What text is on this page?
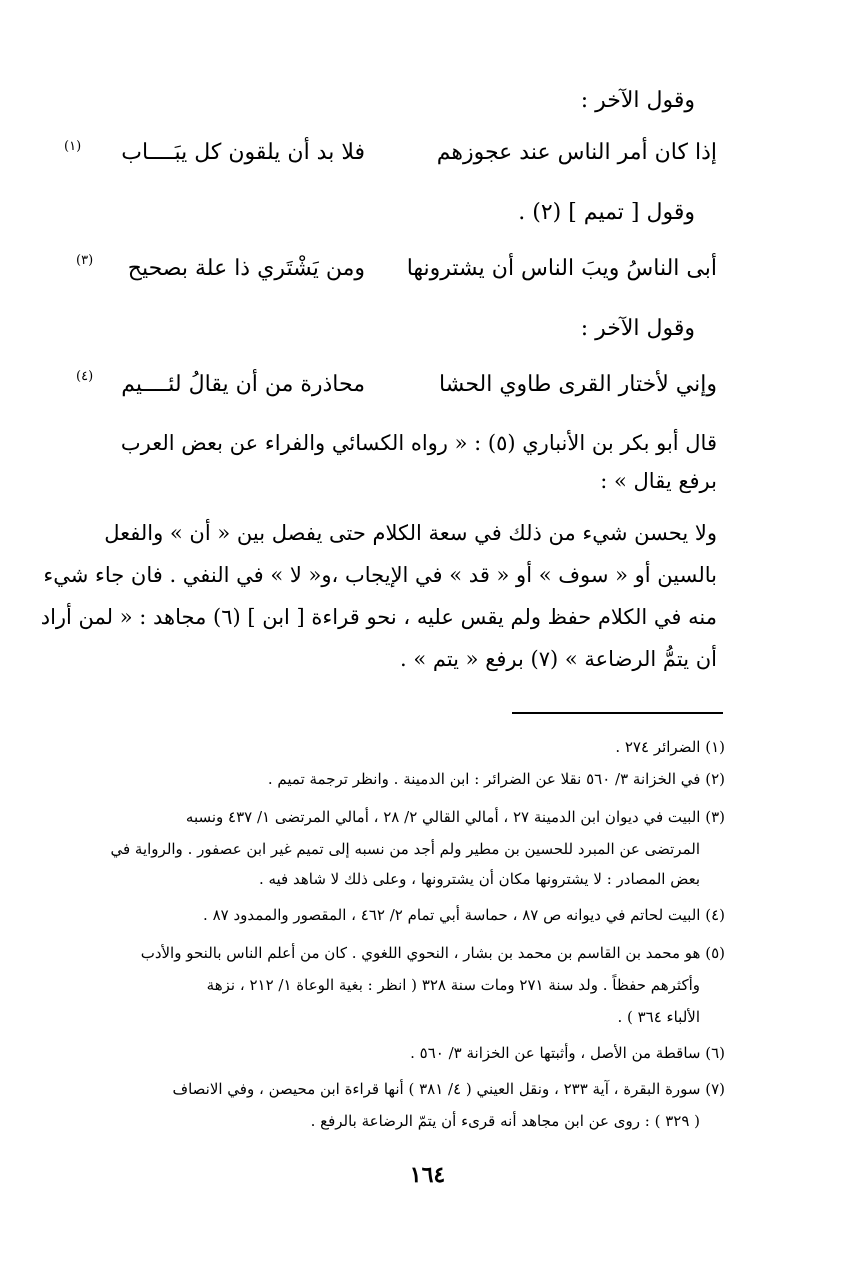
وقول الآخر :
إذا كان أمر الناس عند عجوزهم
فلا بد أن يلقون كل يبَــــاب
(١)
وقول [ تميم ] (٢) .
أبى الناسُ ويبَ الناس أن يشترونها
ومن يَشْتَري ذا علة بصحيح
(٣)
وقول الآخر :
وإني لأختار القرى طاوي الحشا
محاذرة من أن يقالُ لئــــيم
(٤)
قال أبو بكر بن الأنباري (٥) : « رواه الكسائي والفراء عن بعض العرب
برفع يقال » :
ولا يحسن شيء من ذلك في سعة الكلام حتى يفصل بين « أن » والفعل
بالسين أو « سوف » أو « قد » في الإيجاب ،و« لا » في النفي . فان جاء شيء
منه في الكلام حفظ ولم يقس عليه ، نحو قراءة [ ابن ] (٦) مجاهد : « لمن أراد
أن يتمُّ الرضاعة » (٧) برفع « يتم » .
(١) الضرائر ٢٧٤ .
(٢) في الخزانة ٣/ ٥٦٠ نقلا عن الضرائر : ابن الدمينة . وانظر ترجمة تميم .
(٣) البيت في ديوان ابن الدمينة ٢٧ ، أمالي القالي ٢/ ٢٨ ، أمالي المرتضى ١/ ٤٣٧ ونسبه
المرتضى عن المبرد للحسين بن مطير ولم أجد من نسبه إلى تميم غير ابن عصفور . والرواية في
بعض المصادر : لا يشترونها مكان أن يشترونها ، وعلى ذلك لا شاهد فيه .
(٤) البيت لحاتم في ديوانه ص ٨٧ ، حماسة أبي تمام ٢/ ٤٦٢ ، المقصور والممدود ٨٧ .
(٥) هو محمد بن القاسم بن محمد بن بشار ، النحوي اللغوي . كان من أعلم الناس بالنحو والأدب
وأكثرهم حفظاً . ولد سنة ٢٧١ ومات سنة ٣٢٨ ( انظر : بغية الوعاة ١/ ٢١٢ ، نزهة
الألباء ٣٦٤ ) .
(٦) ساقطة من الأصل ، وأثبتها عن الخزانة ٣/ ٥٦٠ .
(٧) سورة البقرة ، آية ٢٣٣ ، ونقل العيني ( ٤/ ٣٨١ ) أنها قراءة ابن محيصن ، وفي الانصاف
( ٣٢٩ ) : روى عن ابن مجاهد أنه قرىء أن يتمّ الرضاعة بالرفع .
١٦٤
